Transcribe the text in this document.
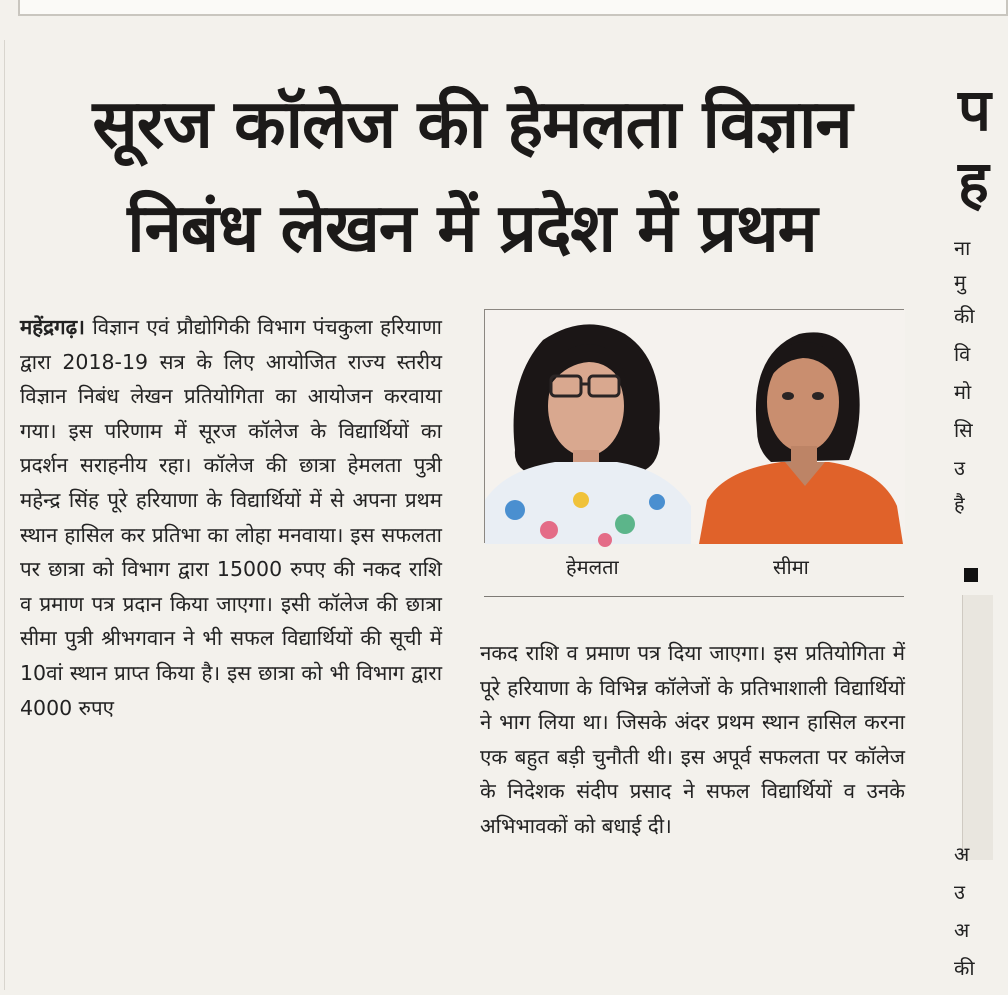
सूरज कॉलेज की हेमलता विज्ञान
निबंध लेखन में प्रदेश में प्रथम
महेंद्रगढ़। विज्ञान एवं प्रौद्योगिकी विभाग पंचकुला हरियाणा द्वारा 2018-19 सत्र के लिए आयोजित राज्य स्तरीय विज्ञान निबंध लेखन प्रतियोगिता का आयोजन करवाया गया। इस परिणाम में सूरज कॉलेज के विद्यार्थियों का प्रदर्शन सराहनीय रहा। कॉलेज की छात्रा हेमलता पुत्री महेन्द्र सिंह पूरे हरियाणा के विद्यार्थियों में से अपना प्रथम स्थान हासिल कर प्रतिभा का लोहा मनवाया। इस सफलता पर छात्रा को विभाग द्वारा 15000 रुपए की नकद राशि व प्रमाण पत्र प्रदान किया जाएगा। इसी कॉलेज की छात्रा सीमा पुत्री श्रीभगवान ने भी सफल विद्यार्थियों की सूची में 10वां स्थान प्राप्त किया है। इस छात्रा को भी विभाग द्वारा 4000 रुपए
हेमलता	सीमा
नकद राशि व प्रमाण पत्र दिया जाएगा। इस प्रतियोगिता में पूरे हरियाणा के विभिन्न कॉलेजों के प्रतिभाशाली विद्यार्थियों ने भाग लिया था। जिसके अंदर प्रथम स्थान हासिल करना एक बहुत बड़ी चुनौती थी। इस अपूर्व सफलता पर कॉलेज के निदेशक संदीप प्रसाद ने सफल विद्यार्थियों व उनके अभिभावकों को बधाई दी।
प
ह
ना
मु
की
वि
मो
सि
उ
है
अ
उ
अ
की
